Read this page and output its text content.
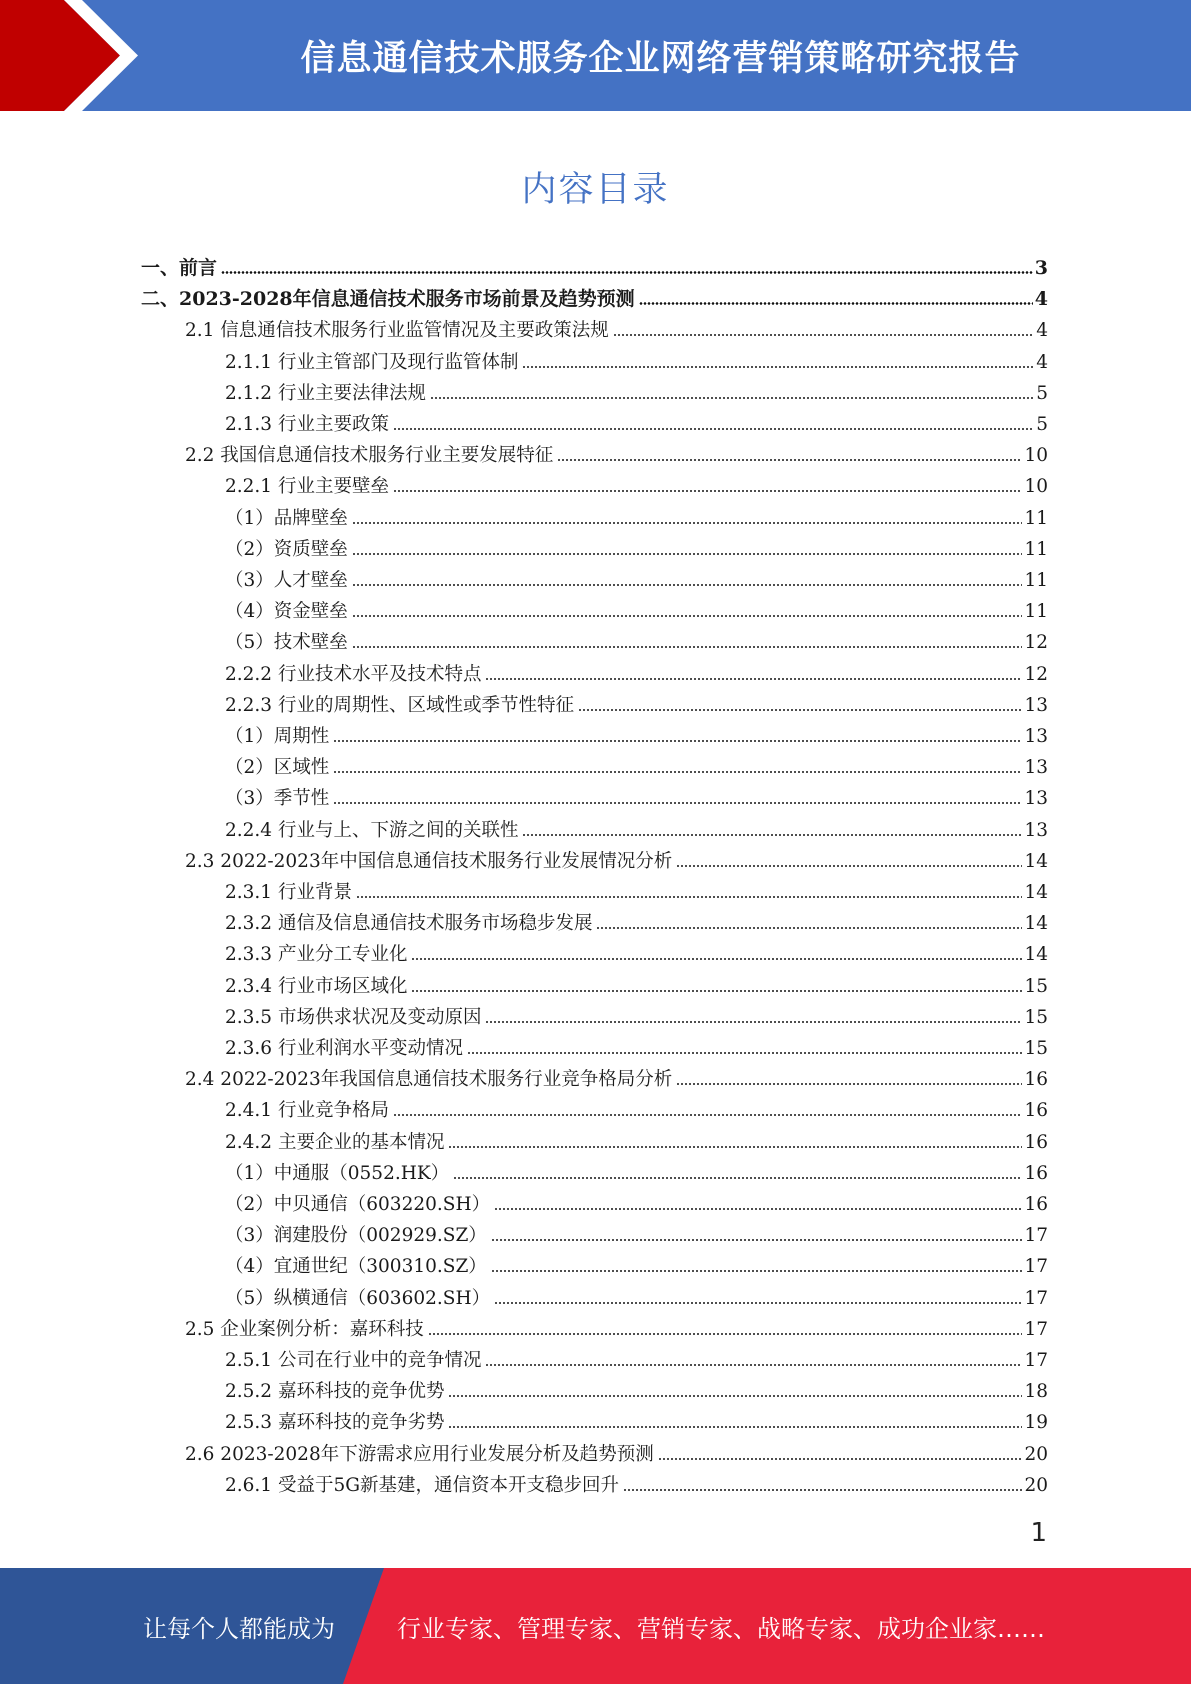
信息通信技术服务企业网络营销策略研究报告
内容目录
一、前言	3
二、2023-2028年信息通信技术服务市场前景及趋势预测	4
2.1 信息通信技术服务行业监管情况及主要政策法规	4
2.1.1 行业主管部门及现行监管体制	4
2.1.2 行业主要法律法规	5
2.1.3 行业主要政策	5
2.2 我国信息通信技术服务行业主要发展特征	10
2.2.1 行业主要壁垒	10
（1）品牌壁垒	11
（2）资质壁垒	11
（3）人才壁垒	11
（4）资金壁垒	11
（5）技术壁垒	12
2.2.2 行业技术水平及技术特点	12
2.2.3 行业的周期性、区域性或季节性特征	13
（1）周期性	13
（2）区域性	13
（3）季节性	13
2.2.4 行业与上、下游之间的关联性	13
2.3 2022-2023年中国信息通信技术服务行业发展情况分析	14
2.3.1 行业背景	14
2.3.2 通信及信息通信技术服务市场稳步发展	14
2.3.3 产业分工专业化	14
2.3.4 行业市场区域化	15
2.3.5 市场供求状况及变动原因	15
2.3.6 行业利润水平变动情况	15
2.4 2022-2023年我国信息通信技术服务行业竞争格局分析	16
2.4.1 行业竞争格局	16
2.4.2 主要企业的基本情况	16
（1）中通服（0552.HK）	16
（2）中贝通信（603220.SH）	16
（3）润建股份（002929.SZ）	17
（4）宜通世纪（300310.SZ）	17
（5）纵横通信（603602.SH）	17
2.5 企业案例分析：嘉环科技	17
2.5.1 公司在行业中的竞争情况	17
2.5.2 嘉环科技的竞争优势	18
2.5.3 嘉环科技的竞争劣势	19
2.6 2023-2028年下游需求应用行业发展分析及趋势预测	20
2.6.1 受益于5G新基建，通信资本开支稳步回升	20
1
让每个人都能成为	行业专家、管理专家、营销专家、战略专家、成功企业家……
